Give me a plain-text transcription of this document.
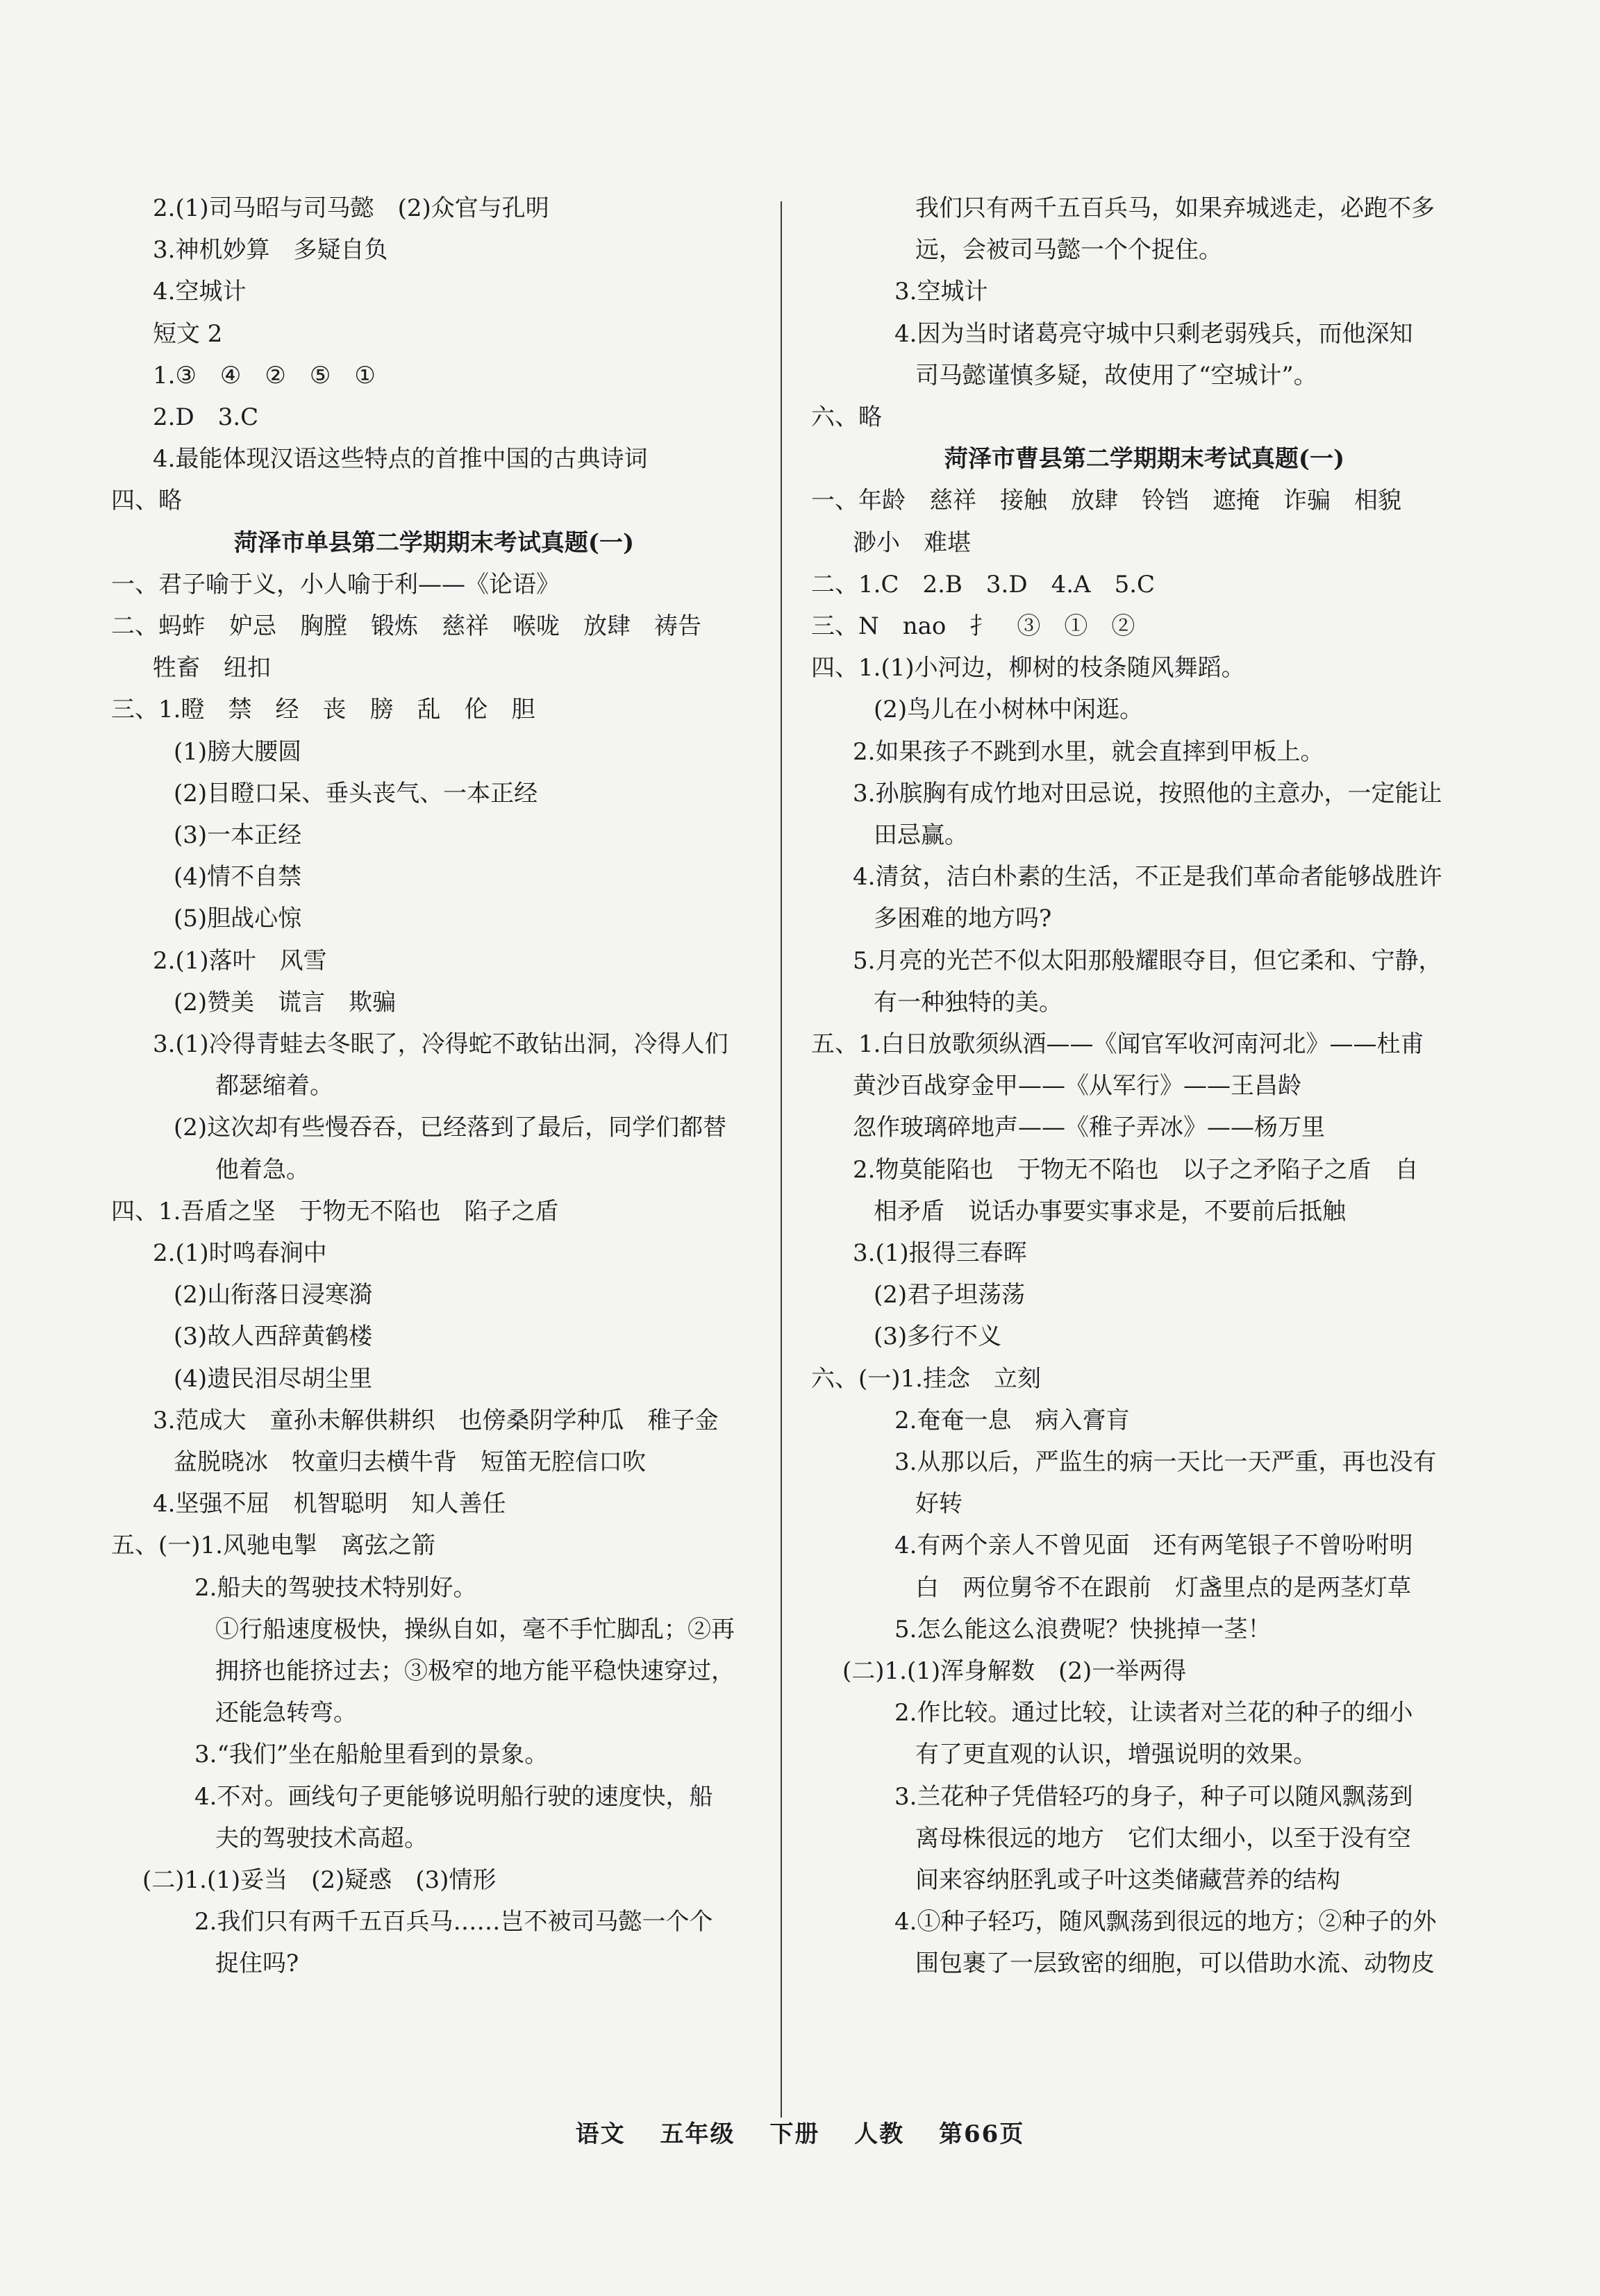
2.(1)司马昭与司马懿　(2)众官与孔明
3.神机妙算　多疑自负
4.空城计
短文 2
1.③　④　②　⑤　①
2.D　3.C
4.最能体现汉语这些特点的首推中国的古典诗词
四、略
菏泽市单县第二学期期末考试真题(一)
一、君子喻于义，小人喻于利——《论语》
二、蚂蚱　妒忌　胸膛　锻炼　慈祥　喉咙　放肆　祷告
牲畜　纽扣
三、1.瞪　禁　经　丧　膀　乱　伦　胆
(1)膀大腰圆
(2)目瞪口呆、垂头丧气、一本正经
(3)一本正经
(4)情不自禁
(5)胆战心惊
2.(1)落叶　风雪
(2)赞美　谎言　欺骗
3.(1)冷得青蛙去冬眠了，冷得蛇不敢钻出洞，冷得人们
都瑟缩着。
(2)这次却有些慢吞吞，已经落到了最后，同学们都替
他着急。
四、1.吾盾之坚　于物无不陷也　陷子之盾
2.(1)时鸣春涧中
(2)山衔落日浸寒漪
(3)故人西辞黄鹤楼
(4)遗民泪尽胡尘里
3.范成大　童孙未解供耕织　也傍桑阴学种瓜　稚子金
盆脱晓冰　牧童归去横牛背　短笛无腔信口吹
4.坚强不屈　机智聪明　知人善任
五、(一)1.风驰电掣　离弦之箭
2.船夫的驾驶技术特别好。
①行船速度极快，操纵自如，毫不手忙脚乱；②再
拥挤也能挤过去；③极窄的地方能平稳快速穿过，
还能急转弯。
3.“我们”坐在船舱里看到的景象。
4.不对。画线句子更能够说明船行驶的速度快，船
夫的驾驶技术高超。
(二)1.(1)妥当　(2)疑惑　(3)情形
2.我们只有两千五百兵马……岂不被司马懿一个个
捉住吗?
我们只有两千五百兵马，如果弃城逃走，必跑不多
远，会被司马懿一个个捉住。
3.空城计
4.因为当时诸葛亮守城中只剩老弱残兵，而他深知
司马懿谨慎多疑，故使用了“空城计”。
六、略
菏泽市曹县第二学期期末考试真题(一)
一、年龄　慈祥　接触　放肆　铃铛　遮掩　诈骗　相貌
渺小　难堪
二、1.C　2.B　3.D　4.A　5.C
三、N　nao　扌　③　①　②
四、1.(1)小河边，柳树的枝条随风舞蹈。
(2)鸟儿在小树林中闲逛。
2.如果孩子不跳到水里，就会直摔到甲板上。
3.孙膑胸有成竹地对田忌说，按照他的主意办，一定能让
田忌赢。
4.清贫，洁白朴素的生活，不正是我们革命者能够战胜许
多困难的地方吗?
5.月亮的光芒不似太阳那般耀眼夺目，但它柔和、宁静，
有一种独特的美。
五、1.白日放歌须纵酒——《闻官军收河南河北》——杜甫
黄沙百战穿金甲——《从军行》——王昌龄
忽作玻璃碎地声——《稚子弄冰》——杨万里
2.物莫能陷也　于物无不陷也　以子之矛陷子之盾　自
相矛盾　说话办事要实事求是，不要前后抵触
3.(1)报得三春晖
(2)君子坦荡荡
(3)多行不义
六、(一)1.挂念　立刻
2.奄奄一息　病入膏肓
3.从那以后，严监生的病一天比一天严重，再也没有
好转
4.有两个亲人不曾见面　还有两笔银子不曾吩咐明
白　两位舅爷不在跟前　灯盏里点的是两茎灯草
5.怎么能这么浪费呢？快挑掉一茎！
(二)1.(1)浑身解数　(2)一举两得
2.作比较。通过比较，让读者对兰花的种子的细小
有了更直观的认识，增强说明的效果。
3.兰花种子凭借轻巧的身子，种子可以随风飘荡到
离母株很远的地方　它们太细小，以至于没有空
间来容纳胚乳或子叶这类储藏营养的结构
4.①种子轻巧，随风飘荡到很远的地方；②种子的外
围包裹了一层致密的细胞，可以借助水流、动物皮
语文 五年级 下册 人教 第66页
